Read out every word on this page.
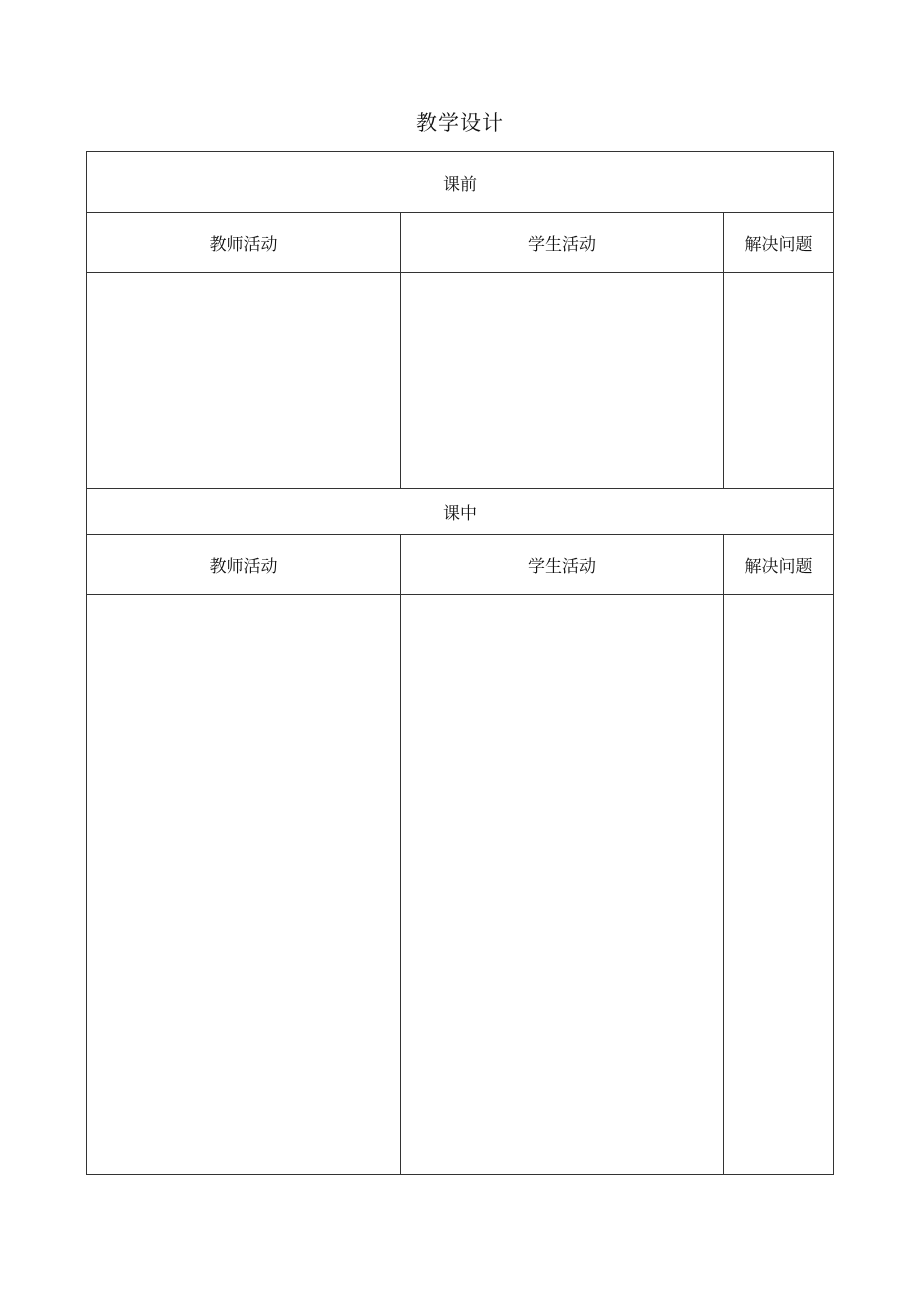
教学设计
课前		
教师活动	学生活动	解决问题

课中		
教师活动	学生活动	解决问题
